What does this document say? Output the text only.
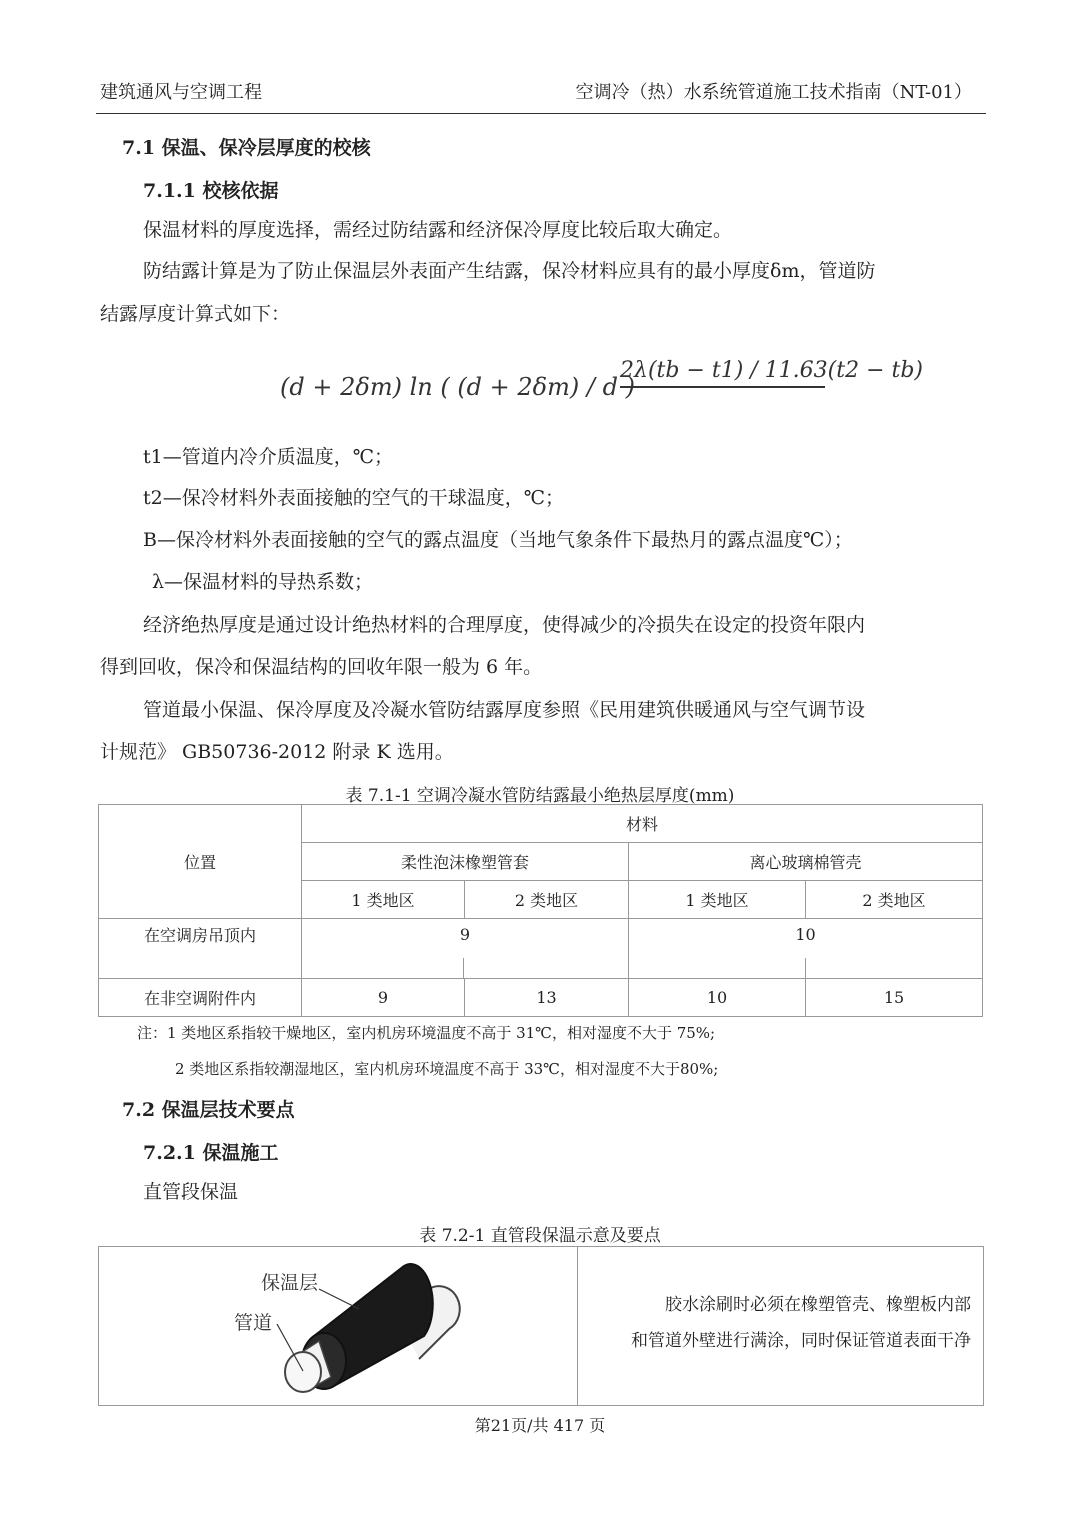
建筑通风与空调工程	空调冷（热）水系统管道施工技术指南（NT-01）
7.1 保温、保冷层厚度的校核
7.1.1 校核依据
保温材料的厚度选择，需经过防结露和经济保冷厚度比较后取大确定。
防结露计算是为了防止保温层外表面产生结露，保冷材料应具有的最小厚度δm，管道防
结露厚度计算式如下：
(d + 2δm) ln ( (d + 2δm) / d )
2λ(tb − t1) / 11.63(t2 − tb)
t1—管道内冷介质温度，℃；
t2—保冷材料外表面接触的空气的干球温度，℃；
B—保冷材料外表面接触的空气的露点温度（当地气象条件下最热月的露点温度℃）；
λ—保温材料的导热系数；
经济绝热厚度是通过设计绝热材料的合理厚度，使得减少的冷损失在设定的投资年限内
得到回收，保冷和保温结构的回收年限一般为 6 年。
管道最小保温、保冷厚度及冷凝水管防结露厚度参照《民用建筑供暖通风与空气调节设
计规范》 GB50736-2012 附录 K 选用。
表 7.1-1 空调冷凝水管防结露最小绝热层厚度(mm)
位置	材料			
	柔性泡沫橡塑管套		离心玻璃棉管壳	
	1 类地区	2 类地区	1 类地区	2 类地区
在空调房吊顶内	9		10	
在非空调附件内	9	13	10	15
注：1 类地区系指较干燥地区，室内机房环境温度不高于 31℃，相对湿度不大于 75%;
2 类地区系指较潮湿地区，室内机房环境温度不高于 33℃，相对湿度不大于80%;
7.2 保温层技术要点
7.2.1 保温施工
直管段保温
表 7.2-1 直管段保温示意及要点
保温层
管道
胶水涂刷时必须在橡塑管壳、橡塑板内部
和管道外壁进行满涂，同时保证管道表面干净
第21页/共 417 页
